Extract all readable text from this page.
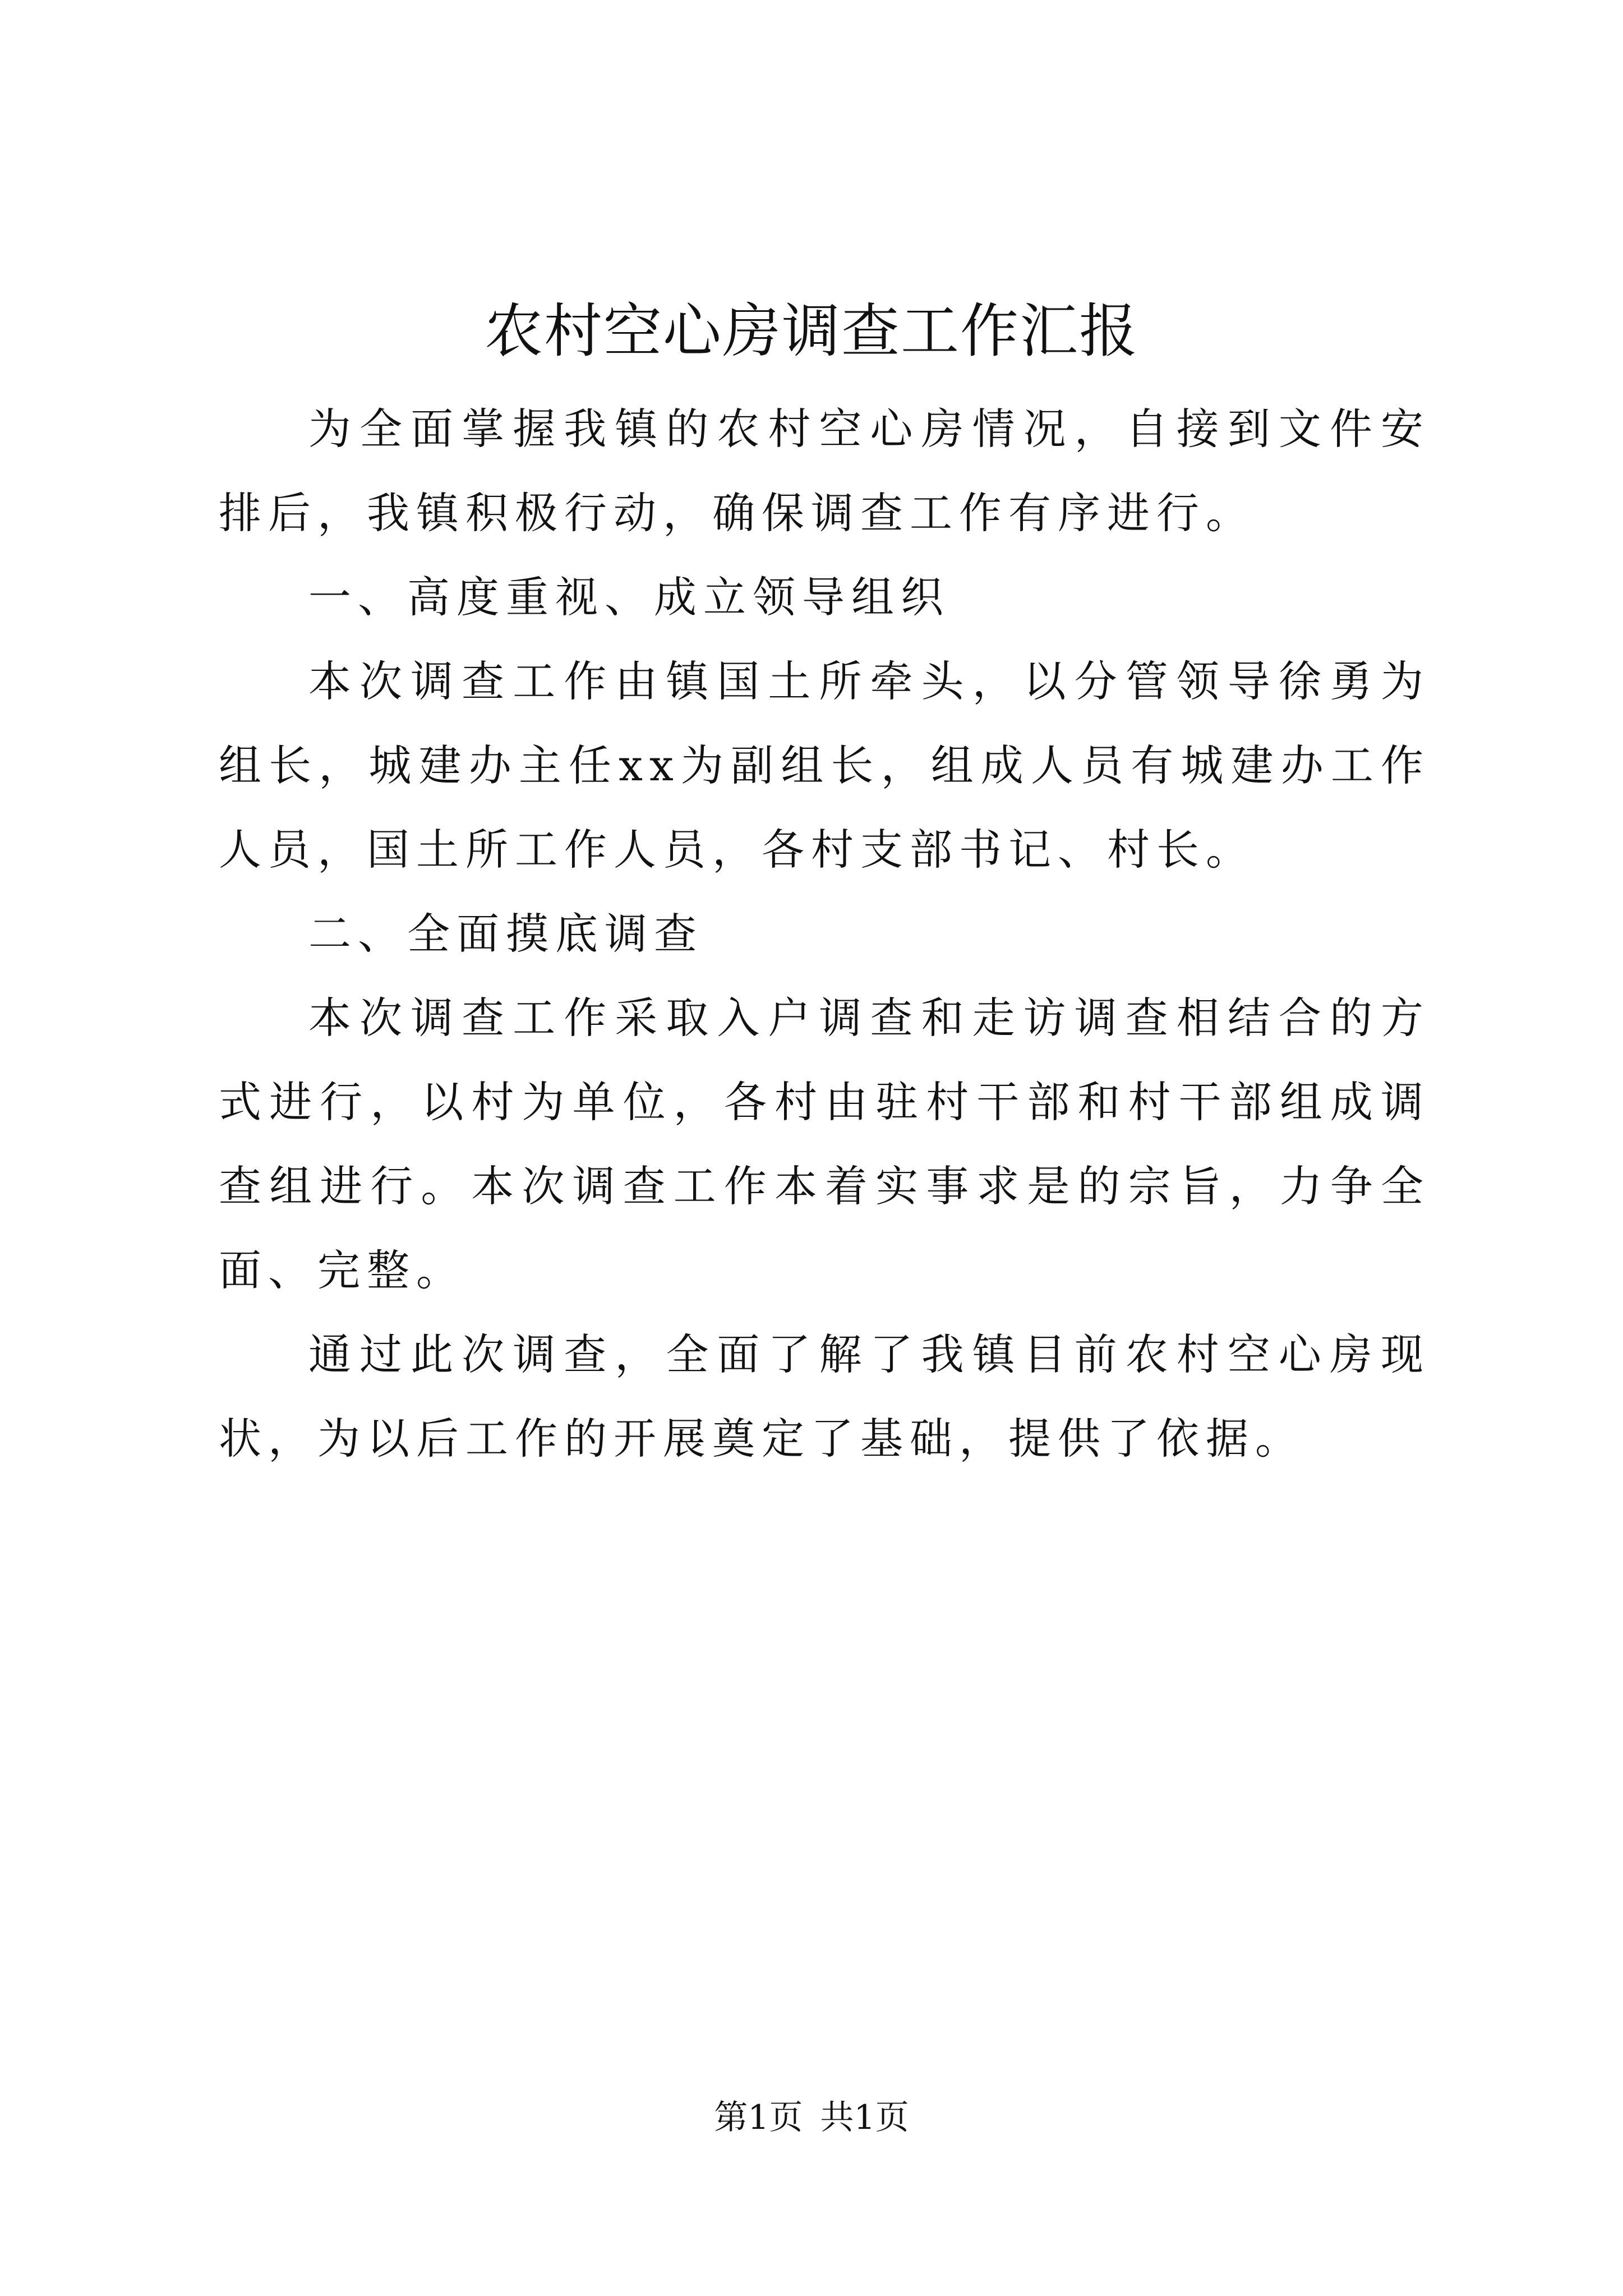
农村空心房调查工作汇报

为全面掌握我镇的农村空心房情况，自接到文件安排后，我镇积极行动，确保调查工作有序进行。

一、高度重视、成立领导组织

本次调查工作由镇国土所牵头，以分管领导徐勇为组长，城建办主任xx为副组长，组成人员有城建办工作人员，国土所工作人员，各村支部书记、村长。

二、全面摸底调查

本次调查工作采取入户调查和走访调查相结合的方式进行，以村为单位，各村由驻村干部和村干部组成调查组进行。本次调查工作本着实事求是的宗旨，力争全面、完整。

通过此次调查，全面了解了我镇目前农村空心房现状，为以后工作的开展奠定了基础，提供了依据。

第1页 共1页
